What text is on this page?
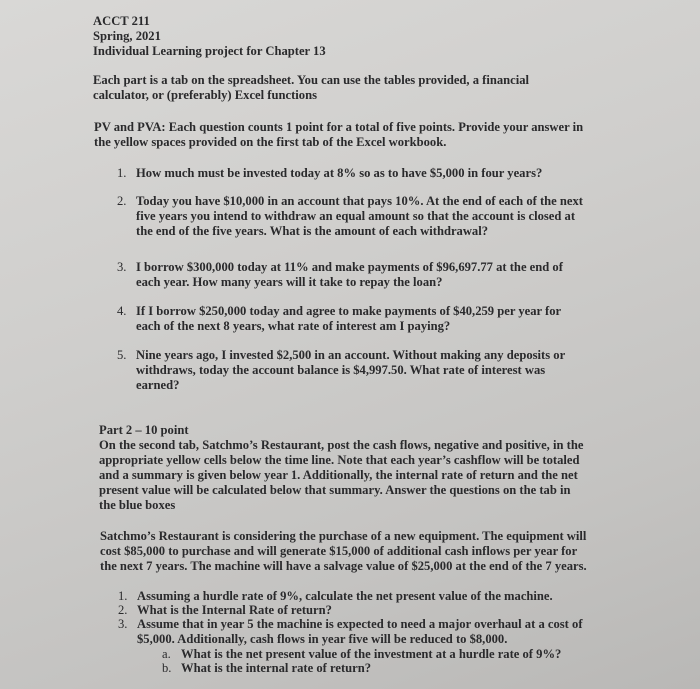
ACCT 211
Spring, 2021
Individual Learning project for Chapter 13
Each part is a tab on the spreadsheet. You can use the tables provided, a financial
calculator, or (preferably) Excel functions
PV and PVA: Each question counts 1 point for a total of five points. Provide your answer in
the yellow spaces provided on the first tab of the Excel workbook.
1. How much must be invested today at 8% so as to have $5,000 in four years?
2. Today you have $10,000 in an account that pays 10%. At the end of each of the next
five years you intend to withdraw an equal amount so that the account is closed at
the end of the five years. What is the amount of each withdrawal?
3. I borrow $300,000 today at 11% and make payments of $96,697.77 at the end of
each year. How many years will it take to repay the loan?
4. If I borrow $250,000 today and agree to make payments of $40,259 per year for
each of the next 8 years, what rate of interest am I paying?
5. Nine years ago, I invested $2,500 in an account. Without making any deposits or
withdraws, today the account balance is $4,997.50. What rate of interest was
earned?
Part 2 – 10 point
On the second tab, Satchmo’s Restaurant, post the cash flows, negative and positive, in the
appropriate yellow cells below the time line. Note that each year’s cashflow will be totaled
and a summary is given below year 1. Additionally, the internal rate of return and the net
present value will be calculated below that summary. Answer the questions on the tab in
the blue boxes
Satchmo’s Restaurant is considering the purchase of a new equipment. The equipment will
cost $85,000 to purchase and will generate $15,000 of additional cash inflows per year for
the next 7 years. The machine will have a salvage value of $25,000 at the end of the 7 years.
1. Assuming a hurdle rate of 9%, calculate the net present value of the machine.
2. What is the Internal Rate of return?
3. Assume that in year 5 the machine is expected to need a major overhaul at a cost of
$5,000. Additionally, cash flows in year five will be reduced to $8,000.
a. What is the net present value of the investment at a hurdle rate of 9%?
b. What is the internal rate of return?
